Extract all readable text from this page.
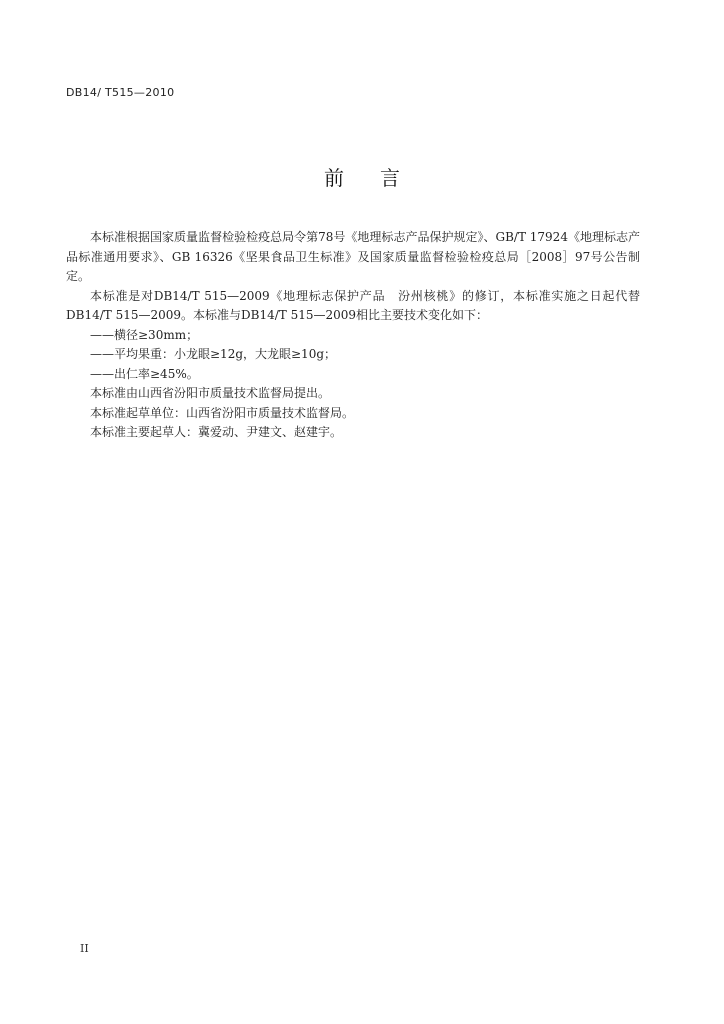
DB14/ T515—2010
前 言

本标准根据国家质量监督检验检疫总局令第78号《地理标志产品保护规定》、GB/T 17924《地理标志产品标准通用要求》、GB 16326《坚果食品卫生标准》及国家质量监督检验检疫总局［2008］97号公告制定。

本标准是对DB14/T 515—2009《地理标志保护产品　汾州核桃》的修订，本标准实施之日起代替DB14/T 515—2009。本标准与DB14/T 515—2009相比主要技术变化如下：

——横径≥30mm；

——平均果重：小龙眼≥12g，大龙眼≥10g；

——出仁率≥45%。

本标准由山西省汾阳市质量技术监督局提出。

本标准起草单位：山西省汾阳市质量技术监督局。

本标准主要起草人：冀爱动、尹建文、赵建宇。

II
